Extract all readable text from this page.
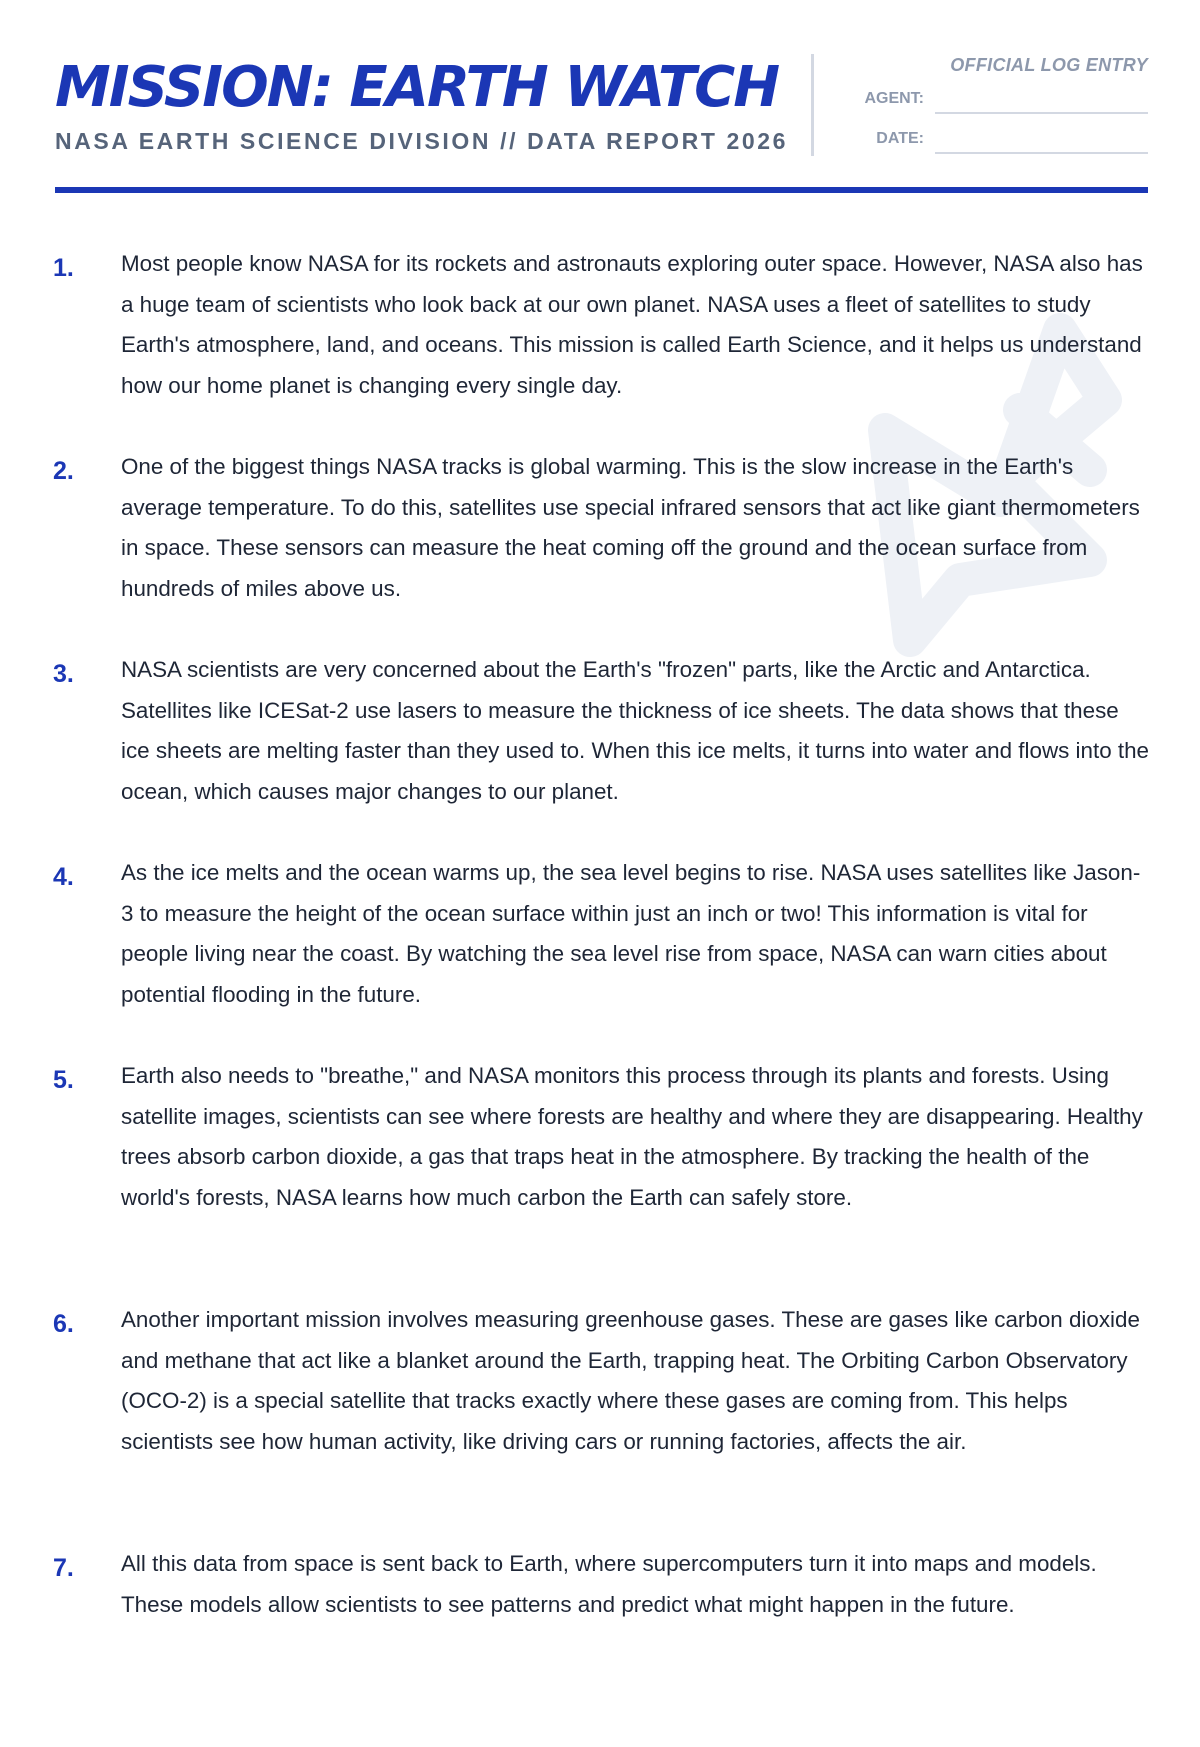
MISSION: EARTH WATCH
NASA EARTH SCIENCE DIVISION // DATA REPORT 2026
OFFICIAL LOG ENTRY
AGENT:
DATE:
1. Most people know NASA for its rockets and astronauts exploring outer space. However, NASA also has a huge team of scientists who look back at our own planet. NASA uses a fleet of satellites to study Earth's atmosphere, land, and oceans. This mission is called Earth Science, and it helps us understand how our home planet is changing every single day.

2. One of the biggest things NASA tracks is global warming. This is the slow increase in the Earth's average temperature. To do this, satellites use special infrared sensors that act like giant thermometers in space. These sensors can measure the heat coming off the ground and the ocean surface from hundreds of miles above us.

3. NASA scientists are very concerned about the Earth's "frozen" parts, like the Arctic and Antarctica. Satellites like ICESat-2 use lasers to measure the thickness of ice sheets. The data shows that these ice sheets are melting faster than they used to. When this ice melts, it turns into water and flows into the ocean, which causes major changes to our planet.

4. As the ice melts and the ocean warms up, the sea level begins to rise. NASA uses satellites like Jason-3 to measure the height of the ocean surface within just an inch or two! This information is vital for people living near the coast. By watching the sea level rise from space, NASA can warn cities about potential flooding in the future.

5. Earth also needs to "breathe," and NASA monitors this process through its plants and forests. Using satellite images, scientists can see where forests are healthy and where they are disappearing. Healthy trees absorb carbon dioxide, a gas that traps heat in the atmosphere. By tracking the health of the world's forests, NASA learns how much carbon the Earth can safely store.

6. Another important mission involves measuring greenhouse gases. These are gases like carbon dioxide and methane that act like a blanket around the Earth, trapping heat. The Orbiting Carbon Observatory (OCO-2) is a special satellite that tracks exactly where these gases are coming from. This helps scientists see how human activity, like driving cars or running factories, affects the air.

7. All this data from space is sent back to Earth, where supercomputers turn it into maps and models. These models allow scientists to see patterns and predict what might happen in the future.
